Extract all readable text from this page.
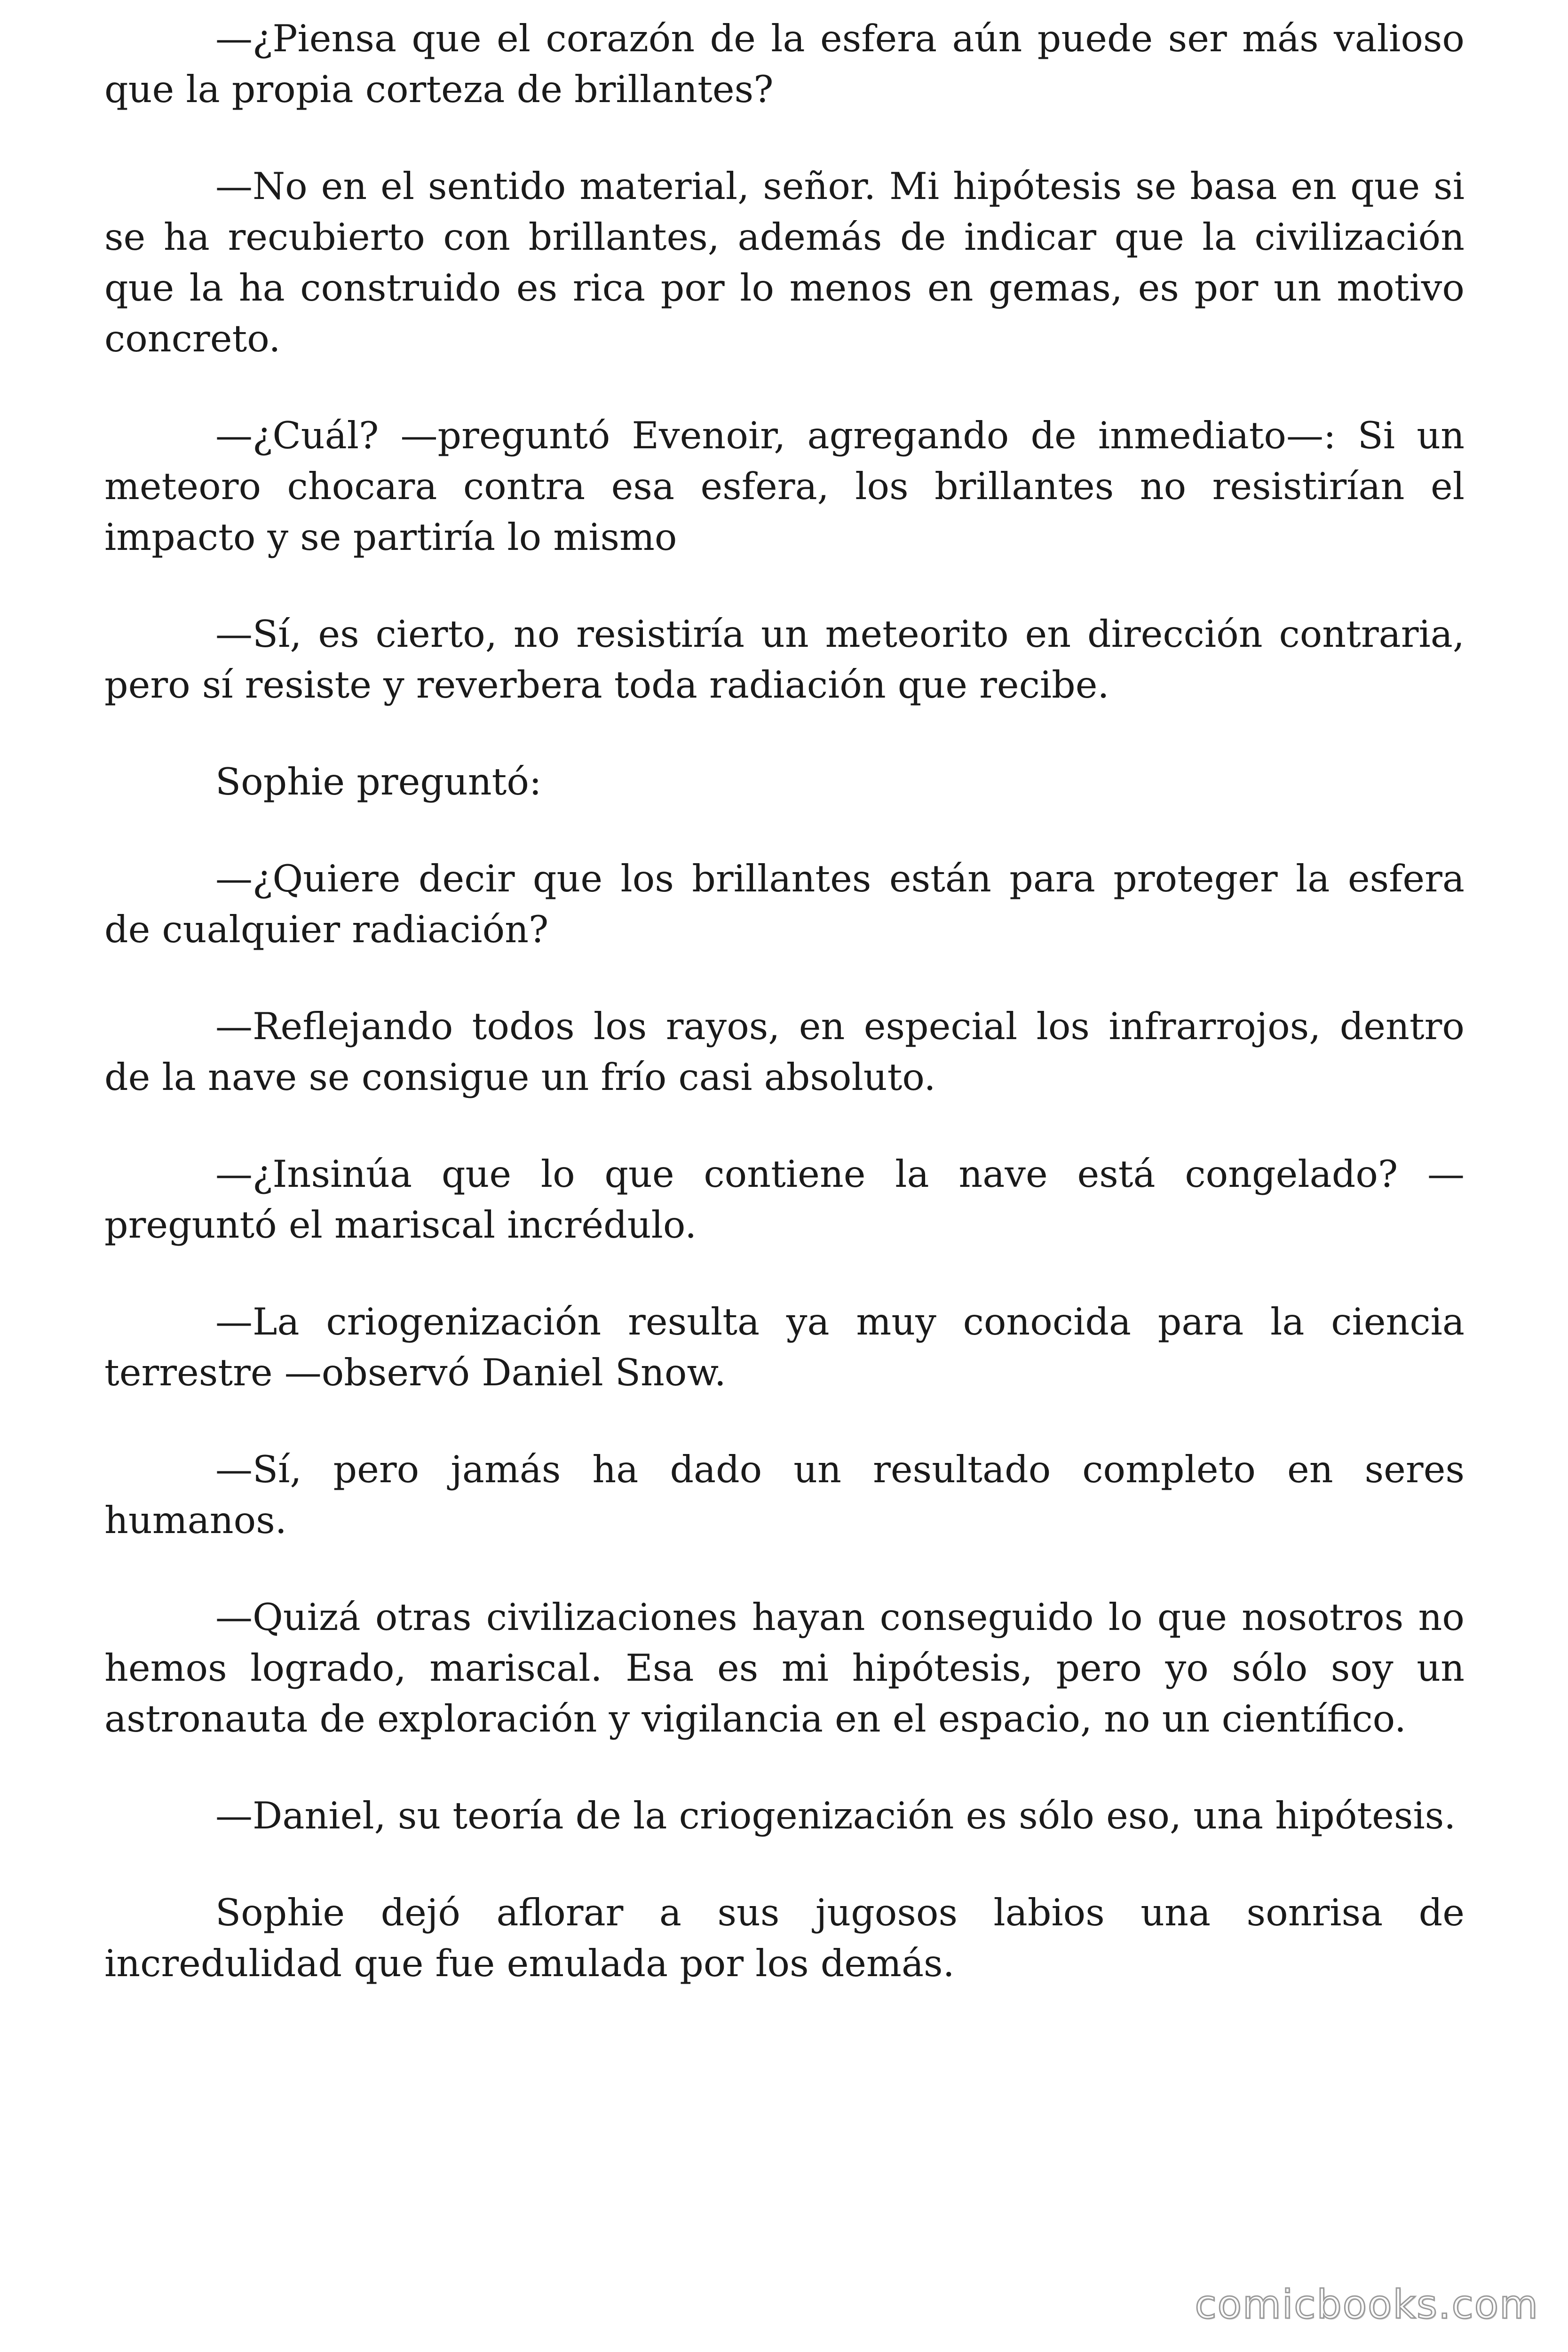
—¿Piensa que el corazón de la esfera aún puede ser más valioso que la propia corteza de brillantes?

—No en el sentido material, señor. Mi hipótesis se basa en que si se ha recubierto con brillantes, además de indicar que la civilización que la ha construido es rica por lo menos en gemas, es por un motivo concreto.

—¿Cuál? —preguntó Evenoir, agregando de inmediato—: Si un meteoro chocara contra esa esfera, los brillantes no resistirían el impacto y se partiría lo mismo

—Sí, es cierto, no resistiría un meteorito en dirección contraria, pero sí resiste y reverbera toda radiación que recibe.

Sophie preguntó:

—¿Quiere decir que los brillantes están para proteger la esfera de cualquier radiación?

—Reflejando todos los rayos, en especial los infrarrojos, dentro de la nave se consigue un frío casi absoluto.

—¿Insinúa que lo que contiene la nave está congelado? —preguntó el mariscal incrédulo.

—La criogenización resulta ya muy conocida para la ciencia terrestre —observó Daniel Snow.

—Sí, pero jamás ha dado un resultado completo en seres humanos.

—Quizá otras civilizaciones hayan conseguido lo que nosotros no hemos logrado, mariscal. Esa es mi hipótesis, pero yo sólo soy un astronauta de exploración y vigilancia en el espacio, no un científico.

—Daniel, su teoría de la criogenización es sólo eso, una hipótesis.

Sophie dejó aflorar a sus jugosos labios una sonrisa de incredulidad que fue emulada por los demás.

comicbooks.com
